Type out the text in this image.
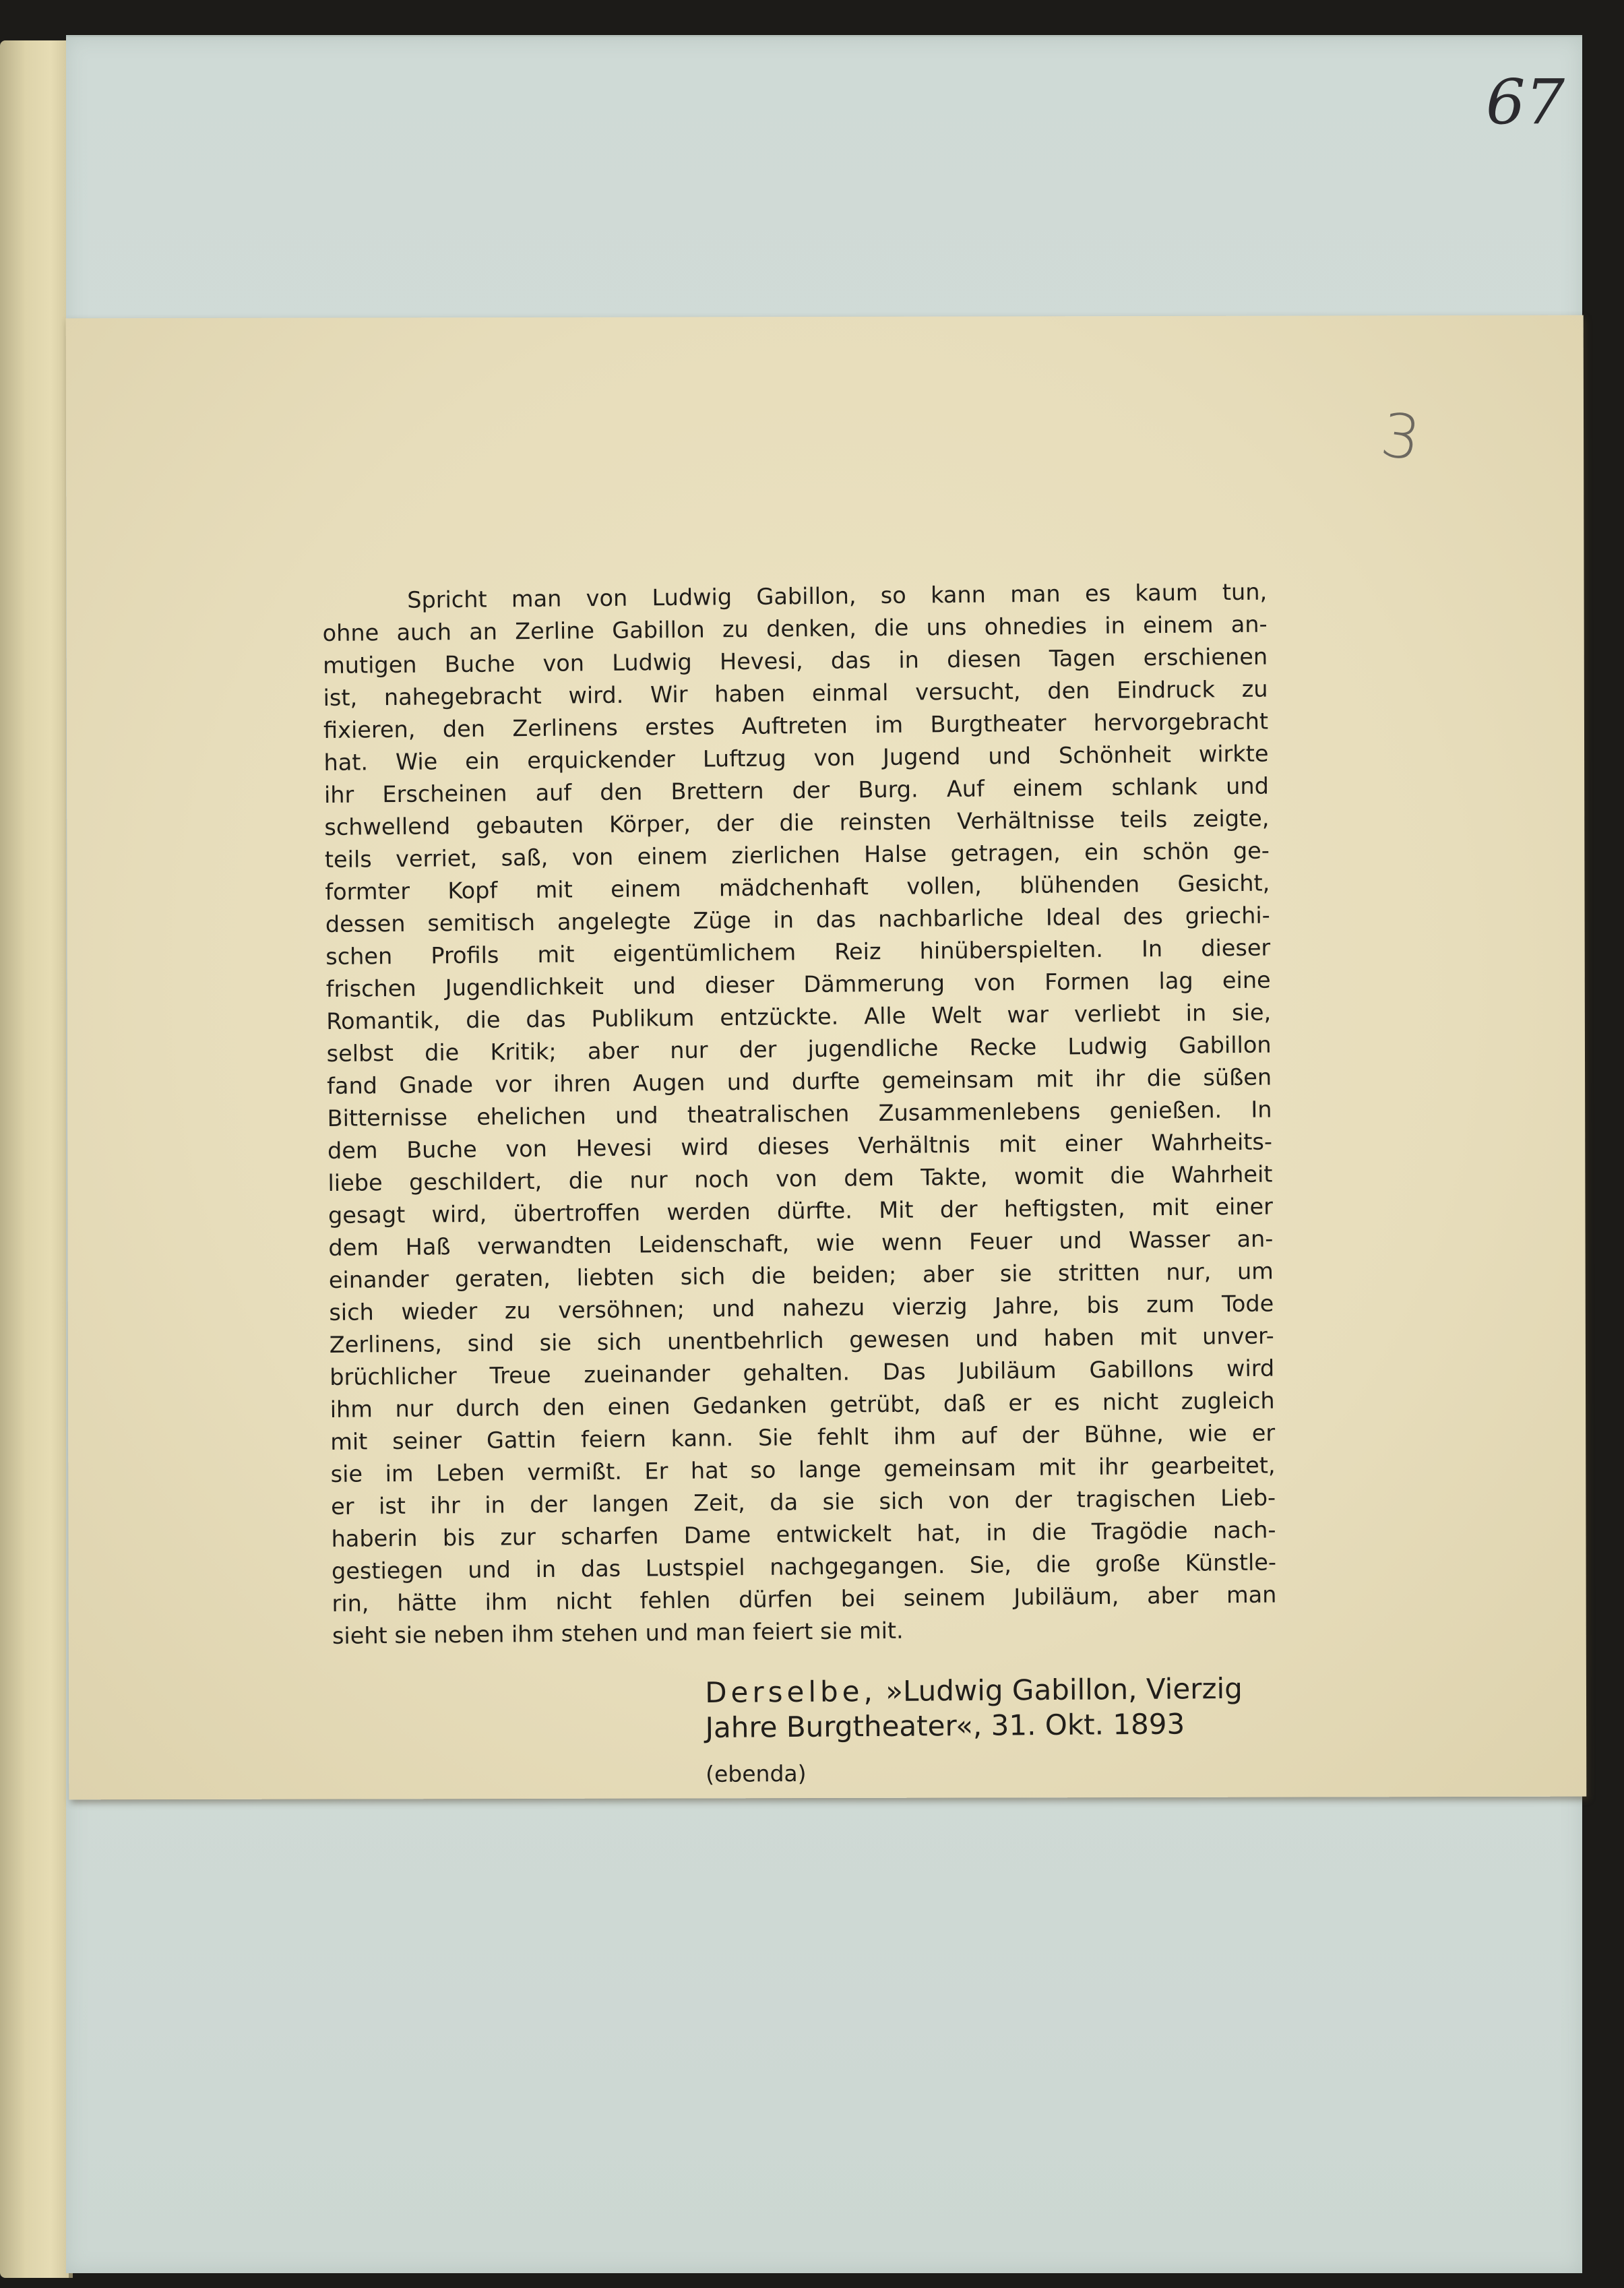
67
3
Spricht man von Ludwig Gabillon, so kann man es kaum tun,
ohne auch an Zerline Gabillon zu denken, die uns ohnedies in einem an-
mutigen Buche von Ludwig Hevesi, das in diesen Tagen erschienen
ist, nahegebracht wird. Wir haben einmal versucht, den Eindruck zu
fixieren, den Zerlinens erstes Auftreten im Burgtheater hervorgebracht
hat. Wie ein erquickender Luftzug von Jugend und Schönheit wirkte
ihr Erscheinen auf den Brettern der Burg. Auf einem schlank und
schwellend gebauten Körper, der die reinsten Verhältnisse teils zeigte,
teils verriet, saß, von einem zierlichen Halse getragen, ein schön ge-
formter Kopf mit einem mädchenhaft vollen, blühenden Gesicht,
dessen semitisch angelegte Züge in das nachbarliche Ideal des griechi-
schen Profils mit eigentümlichem Reiz hinüberspielten. In dieser
frischen Jugendlichkeit und dieser Dämmerung von Formen lag eine
Romantik, die das Publikum entzückte. Alle Welt war verliebt in sie,
selbst die Kritik; aber nur der jugendliche Recke Ludwig Gabillon
fand Gnade vor ihren Augen und durfte gemeinsam mit ihr die süßen
Bitternisse ehelichen und theatralischen Zusammenlebens genießen. In
dem Buche von Hevesi wird dieses Verhältnis mit einer Wahrheits-
liebe geschildert, die nur noch von dem Takte, womit die Wahrheit
gesagt wird, übertroffen werden dürfte. Mit der heftigsten, mit einer
dem Haß verwandten Leidenschaft, wie wenn Feuer und Wasser an-
einander geraten, liebten sich die beiden; aber sie stritten nur, um
sich wieder zu versöhnen; und nahezu vierzig Jahre, bis zum Tode
Zerlinens, sind sie sich unentbehrlich gewesen und haben mit unver-
brüchlicher Treue zueinander gehalten. Das Jubiläum Gabillons wird
ihm nur durch den einen Gedanken getrübt, daß er es nicht zugleich
mit seiner Gattin feiern kann. Sie fehlt ihm auf der Bühne, wie er
sie im Leben vermißt. Er hat so lange gemeinsam mit ihr gearbeitet,
er ist ihr in der langen Zeit, da sie sich von der tragischen Lieb-
haberin bis zur scharfen Dame entwickelt hat, in die Tragödie nach-
gestiegen und in das Lustspiel nachgegangen. Sie, die große Künstle-
rin, hätte ihm nicht fehlen dürfen bei seinem Jubiläum, aber man
sieht sie neben ihm stehen und man feiert sie mit.
Derselbe, »Ludwig Gabillon, Vierzig
Jahre Burgtheater«, 31. Okt. 1893
(ebenda)
